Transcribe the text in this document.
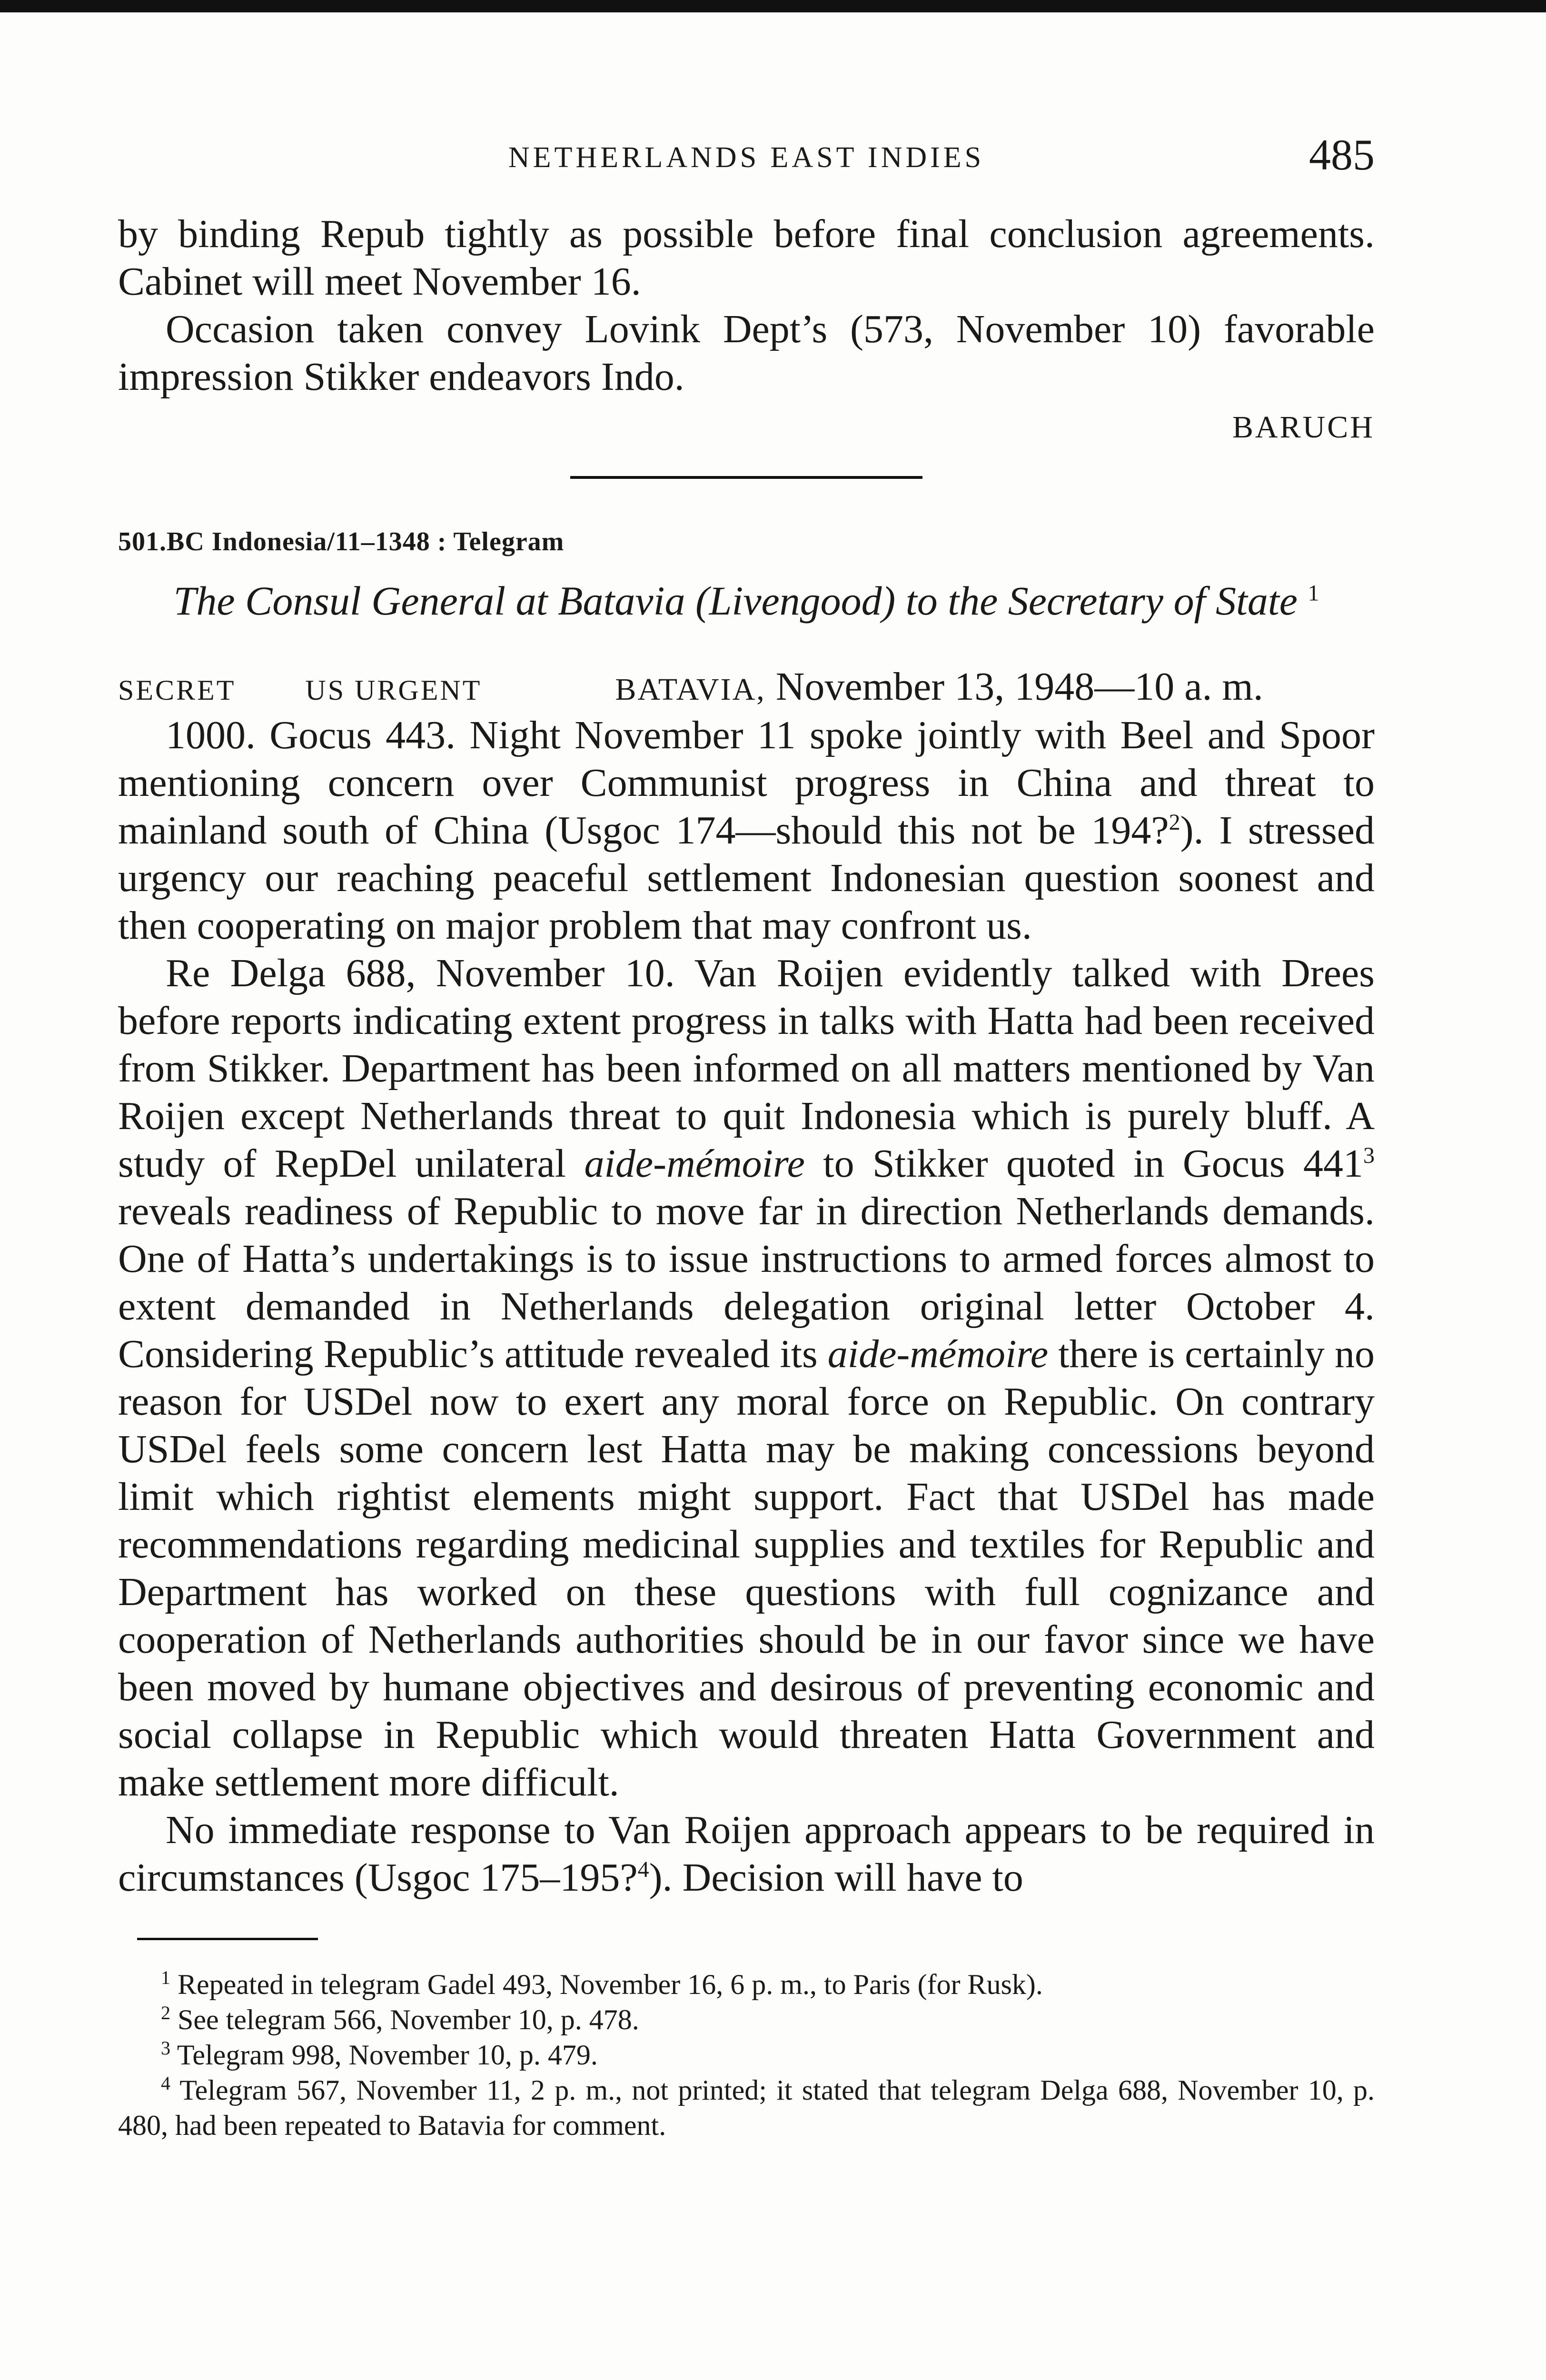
NETHERLANDS EAST INDIES	485

by binding Repub tightly as possible before final conclusion agreements. Cabinet will meet November 16.

Occasion taken convey Lovink Dept’s (573, November 10) favorable impression Stikker endeavors Indo.

BARUCH
501.BC Indonesia/11–1348 : Telegram
The Consul General at Batavia (Livengood) to the Secretary of State $^1$
SECRET US URGENT	BATAVIA,
November 13, 1948—10 a. m.

1000. Gocus 443. Night November 11 spoke jointly with Beel and Spoor mentioning concern over Communist progress in China and threat to mainland south of China (Usgoc 174—should this not be 194?$^2$). I stressed urgency our reaching peaceful settlement Indonesian question soonest and then cooperating on major problem that may confront us.

Re Delga 688, November 10. Van Roijen evidently talked with Drees before reports indicating extent progress in talks with Hatta had been received from Stikker. Department has been informed on all matters mentioned by Van Roijen except Netherlands threat to quit Indonesia which is purely bluff. A study of RepDel unilateral aide-mémoire to Stikker quoted in Gocus $441^3$ reveals readiness of Republic to move far in direction Netherlands demands. One of Hatta’s undertakings is to issue instructions to armed forces almost to extent demanded in Netherlands delegation original letter October 4. Considering Republic’s attitude revealed its aide-mémoire there is certainly no reason for USDel now to exert any moral force on Republic. On contrary USDel feels some concern lest Hatta may be making concessions beyond limit which rightist elements might support. Fact that USDel has made recommendations regarding medicinal supplies and textiles for Republic and Department has worked on these questions with full cognizance and cooperation of Netherlands authorities should be in our favor since we have been moved by humane objectives and desirous of preventing economic and social collapse in Republic which would threaten Hatta Government and make settlement more difficult.

No immediate response to Van Roijen approach appears to be required in circumstances (Usgoc 175–195?$^4$). Decision will have to

$^1$ Repeated in telegram Gadel 493, November 16, 6 p. m., to Paris (for Rusk).

$^2$ See telegram 566, November 10, p. 478.

$^3$ Telegram 998, November 10, p. 479.

$^4$ Telegram 567, November 11, 2 p. m., not printed; it stated that telegram Delga 688, November 10, p. 480, had been repeated to Batavia for comment.
